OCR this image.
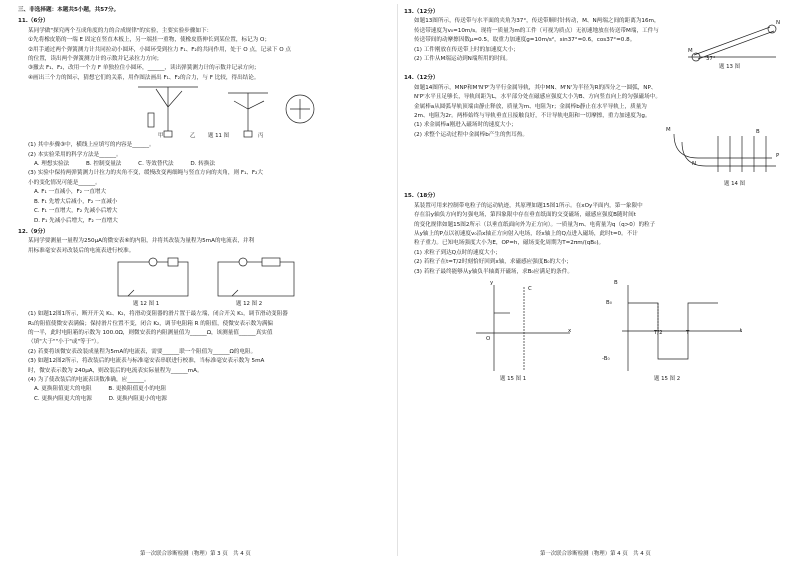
三、非选择题：本题共5小题，共57分。
11.（6分）
某同学做"探究两个互成角度的力的合成规律"的实验，主要实验步骤如下：
①先将橡皮筋的一端 E 固定在竖直木板上，另一端挂一重物，使橡皮筋伸长到某位置，标记为 O；
②用手通过两个弹簧测力计共同拉动小圆环，小圆环受到拉力 F₁、F₂的共同作用，处于 O 点，记录下 O 点
的位置，读出两个弹簧测力计的示数并记录拉力方向；
③撤去 F₁、F₂，改用一个力 F 单独拉住小圆环，______，读出弹簧测力计的示数并记录方向；
④画出三个力的图示，猜想它们的关系，用作图法画出 F₁、F₂的合力，与 F 比较，得出结论。
甲	乙	丙
题 11 图
(1) 其中步骤③中，横线上应填写的内容是______。
(2) 本实验采用的科学方法是______。
A. 理想实验法　　　B. 控制变量法　　　C. 等效替代法　　　D. 转换法
(3) 实验中保持两弹簧测力计拉力的夹角不变，缓慢改变两细绳与竖直方向的夹角，则 F₁、F₂大
小的变化情况可能是______。
A. F₁ 一直减小，F₂ 一直增大
B. F₁ 先增大后减小，F₂ 一直减小
C. F₁ 一直增大，F₂ 先减小后增大
D. F₁ 先减小后增大，F₂ 一直增大
12.（9分）
某同学要测量一量程为250μA的微安表⑥的内阻，并将其改装为量程为5mA的电流表，并利
用标准毫安表对改装后的电流表进行校准。
题 12 图 1	题 12 图 2
(1) 如题12图1所示，断开开关 K₁、K₂，将滑动变阻器的滑片置于最左端，闭合开关 K₁，调节滑动变阻器
R₁的阻值使微安表满偏；保持滑片位置不变，闭合 K₂，调节电阻箱 R 的阻值，使微安表示数为满偏
的一半，此时电阻箱的示数为 100.0Ω，则微安表的内阻测量值为______Ω，该测量值______真实值
（填"大于""小于"或"等于"）。
(2) 若要将该微安表改装成量程为5mA的电流表，需要______联一个阻值为______Ω的电阻。
(3) 如题12图2所示，将改装后的电流表与标准毫安表串联进行校准，当标准毫安表示数为 5mA
时，微安表示数为 240μA，则改装后的电流表实际量程为______mA。
(4) 为了使改装后的电流表读数准确，应______。
A. 更换阻值更大的电阻　　　B. 更换阻值更小的电阻
C. 更换内阻更大的电源　　　D. 更换内阻更小的电源
第一次联合诊断检测（物理）第 3 页　共 4 页
13.（12分）
如题13图所示，传送带与水平面的夹角为37°，传送带顺时针转动，M、N两端之间的距离为16m，
传送带速度为v₀=10m/s。现将一质量为m的工件（可视为质点）无初速地放在传送带M端，工件与
传送带间的动摩擦因数μ=0.5，取重力加速度g=10m/s²，sin37°=0.6，cos37°=0.8。
(1) 工件刚放在传送带上时的加速度大小；
(2) 工件从M端运动到N端所用的时间。
M
N
37°
题 13 图
14.（12分）
如题14图所示，MNP和M'N'P'为平行金属导轨，其中MN、M'N'为半径为R的四分之一圆弧，NP、
N'P'水平且足够长，导轨间距为L，水平部分处在磁感应强度大小为B、方向竖直向上的匀强磁场中。
金属棒a从圆弧导轨顶端由静止释放，质量为m、电阻为r；金属棒b静止在水平导轨上，质量为
2m、电阻为2r。两棒始终与导轨垂直且接触良好，不计导轨电阻和一切摩擦，重力加速度为g。
(1) 求金属棒a刚进入磁场时的速度大小；
(2) 求整个运动过程中金属棒b产生的焦耳热。
M
N
P
B
题 14 图
15.（18分）
某装置可用来控制带电粒子的运动轨迹，其原理如题15图1所示。在xOy平面内，第一象限中
存在沿y轴负方向的匀强电场，第四象限中存在垂直纸面的交变磁场，磁感应强度B随时间t
的变化规律如题15图2所示（以垂直纸面向外为正方向）。一质量为m、电荷量为q（q>0）的粒子
从y轴上的P点以初速度v₀沿x轴正方向射入电场，经x轴上的Q点进入磁场，此时t=0。不计
粒子重力。已知电场强度大小为E，OP=h，磁场变化周期为T=2πm/(qB₀)。
(1) 求粒子到达Q点时的速度大小；
(2) 若粒子在t=T/2时刻恰好回到x轴，求磁感应强度B₀的大小；
(3) 若粒子最终能够从y轴负半轴离开磁场，求B₀应满足的条件。
y
x
O
C
B
t
B₀
-B₀
T/2	T
题 15 图 1	题 15 图 2
第一次联合诊断检测（物理）第 4 页　共 4 页
